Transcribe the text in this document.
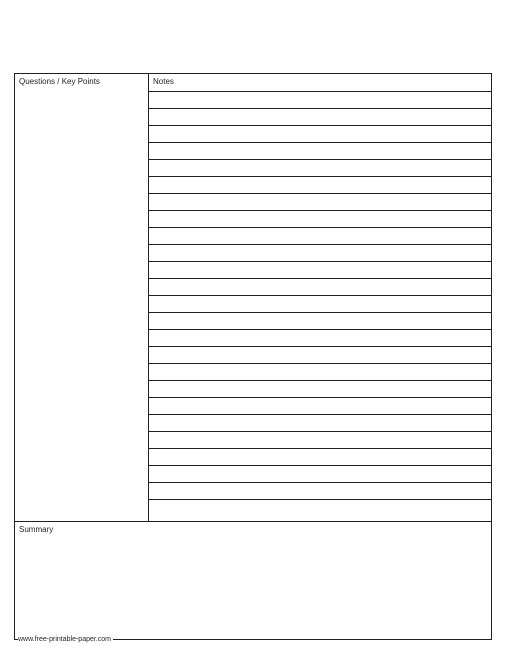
Questions / Key Points	Notes
Summary
www.free-printable-paper.com
